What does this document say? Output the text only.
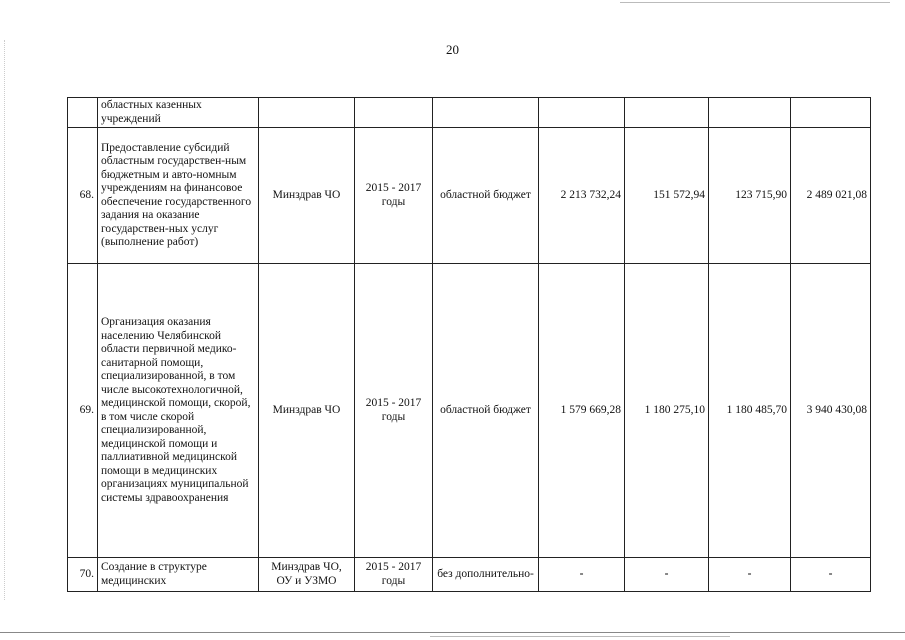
20
	областных казенных учреждений							
68.	Предоставление субсидий областным государствен-ным бюджетным и авто-номным учреждениям на финансовое обеспечение государственного задания на оказание государствен-ных услуг (выполнение работ)	Минздрав ЧО	2015 - 2017 годы	областной бюджет	2 213 732,24	151 572,94	123 715,90	2 489 021,08
69.	Организация оказания населению Челябинской области первичной медико-санитарной помощи, специализированной, в том числе высокотехнологичной, медицинской помощи, скорой, в том числе скорой специализированной, медицинской помощи и паллиативной медицинской помощи в медицинских организациях муниципальной системы здравоохранения	Минздрав ЧО	2015 - 2017 годы	областной бюджет	1 579 669,28	1 180 275,10	1 180 485,70	3 940 430,08
70.	Создание в структуре медицинских	Минздрав ЧО, ОУ и УЗМО	2015 - 2017 годы	без дополнительно-	-	-	-	-
